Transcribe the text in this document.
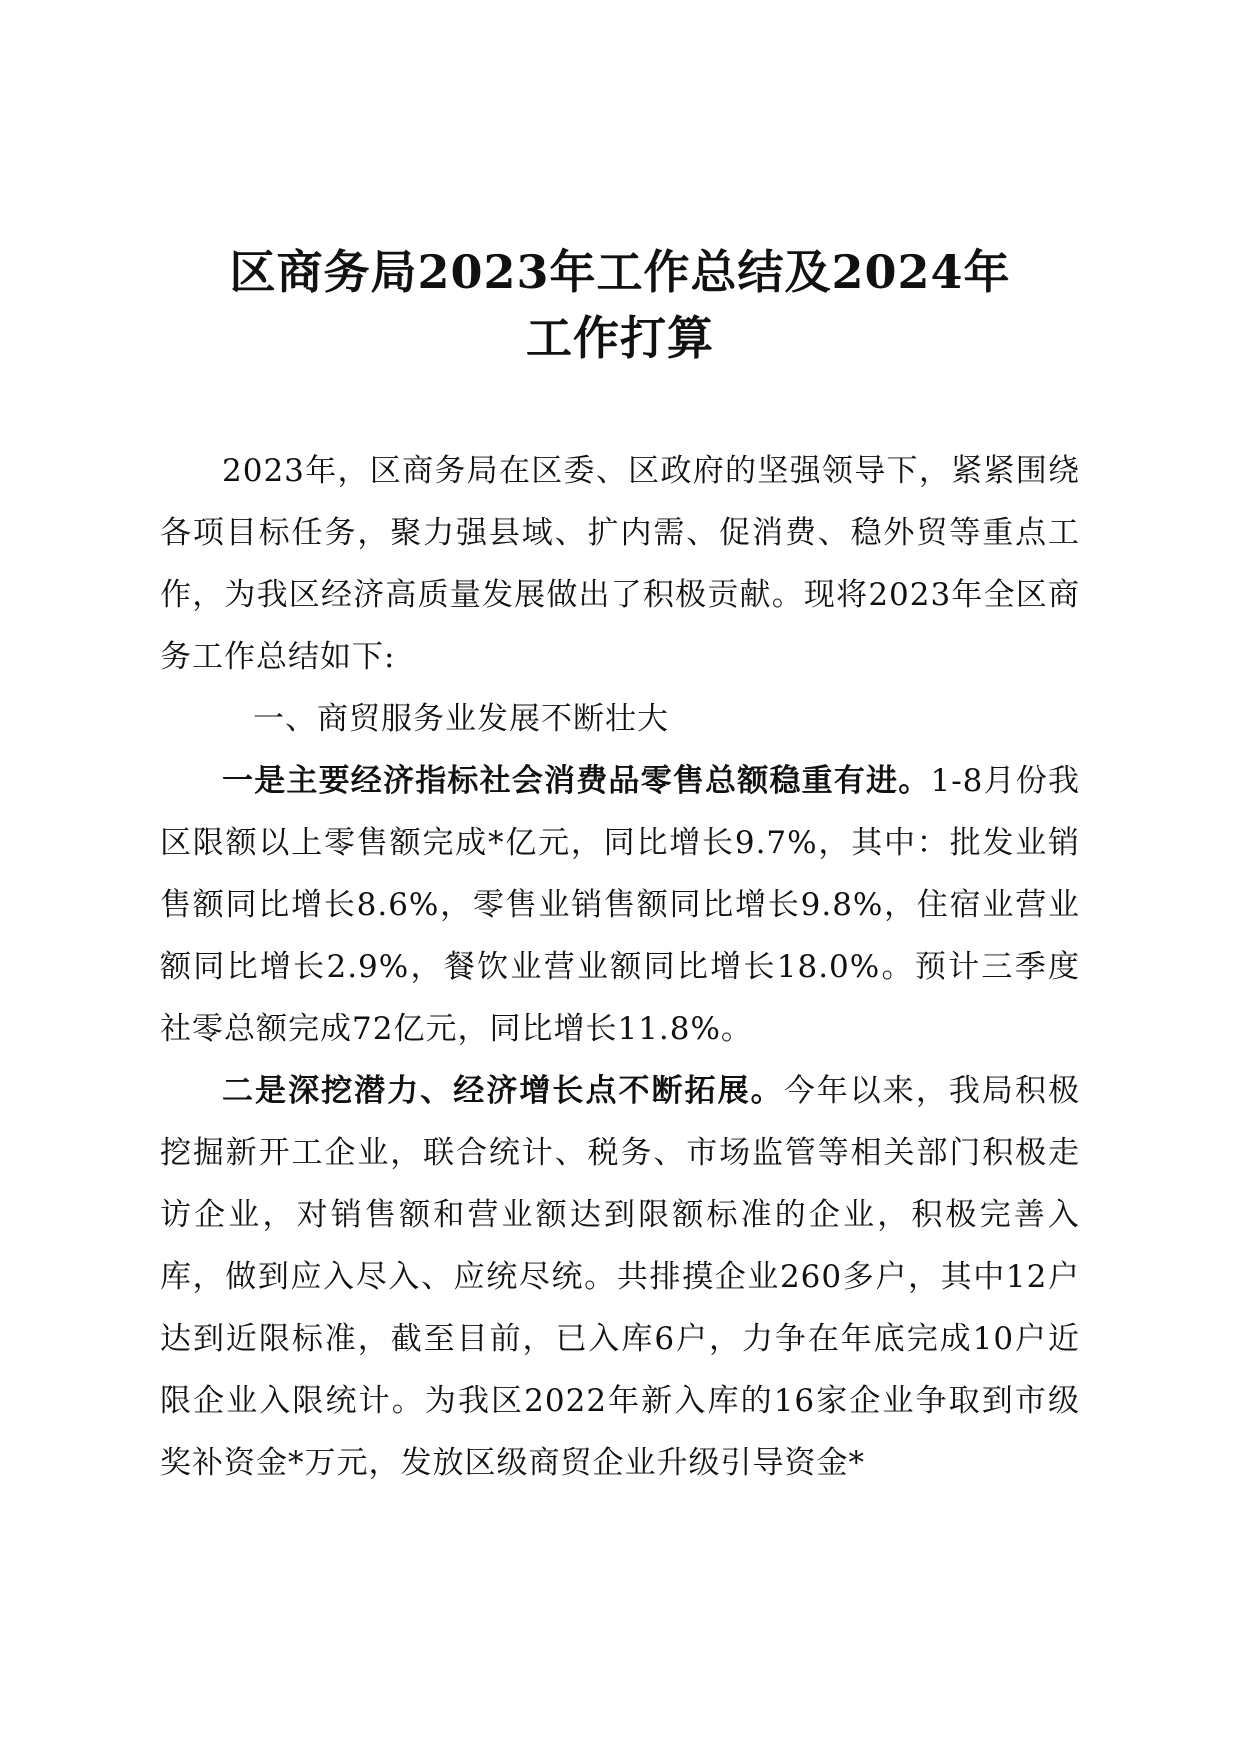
区商务局2023年工作总结及2024年
工作打算

2023年，区商务局在区委、区政府的坚强领导下，紧紧围绕各项目标任务，聚力强县域、扩内需、促消费、稳外贸等重点工作，为我区经济高质量发展做出了积极贡献。现将2023年全区商务工作总结如下:

一、商贸服务业发展不断壮大

一是主要经济指标社会消费品零售总额稳重有进。1-8月份我区限额以上零售额完成*亿元，同比增长9.7%，其中：批发业销售额同比增长8.6%，零售业销售额同比增长9.8%，住宿业营业额同比增长2.9%，餐饮业营业额同比增长18.0%。预计三季度社零总额完成72亿元，同比增长11.8%。

二是深挖潜力、经济增长点不断拓展。今年以来，我局积极挖掘新开工企业，联合统计、税务、市场监管等相关部门积极走访企业，对销售额和营业额达到限额标准的企业，积极完善入库，做到应入尽入、应统尽统。共排摸企业260多户，其中12户达到近限标准，截至目前，已入库6户，力争在年底完成10户近限企业入限统计。为我区2022年新入库的16家企业争取到市级奖补资金*万元，发放区级商贸企业升级引导资金*
